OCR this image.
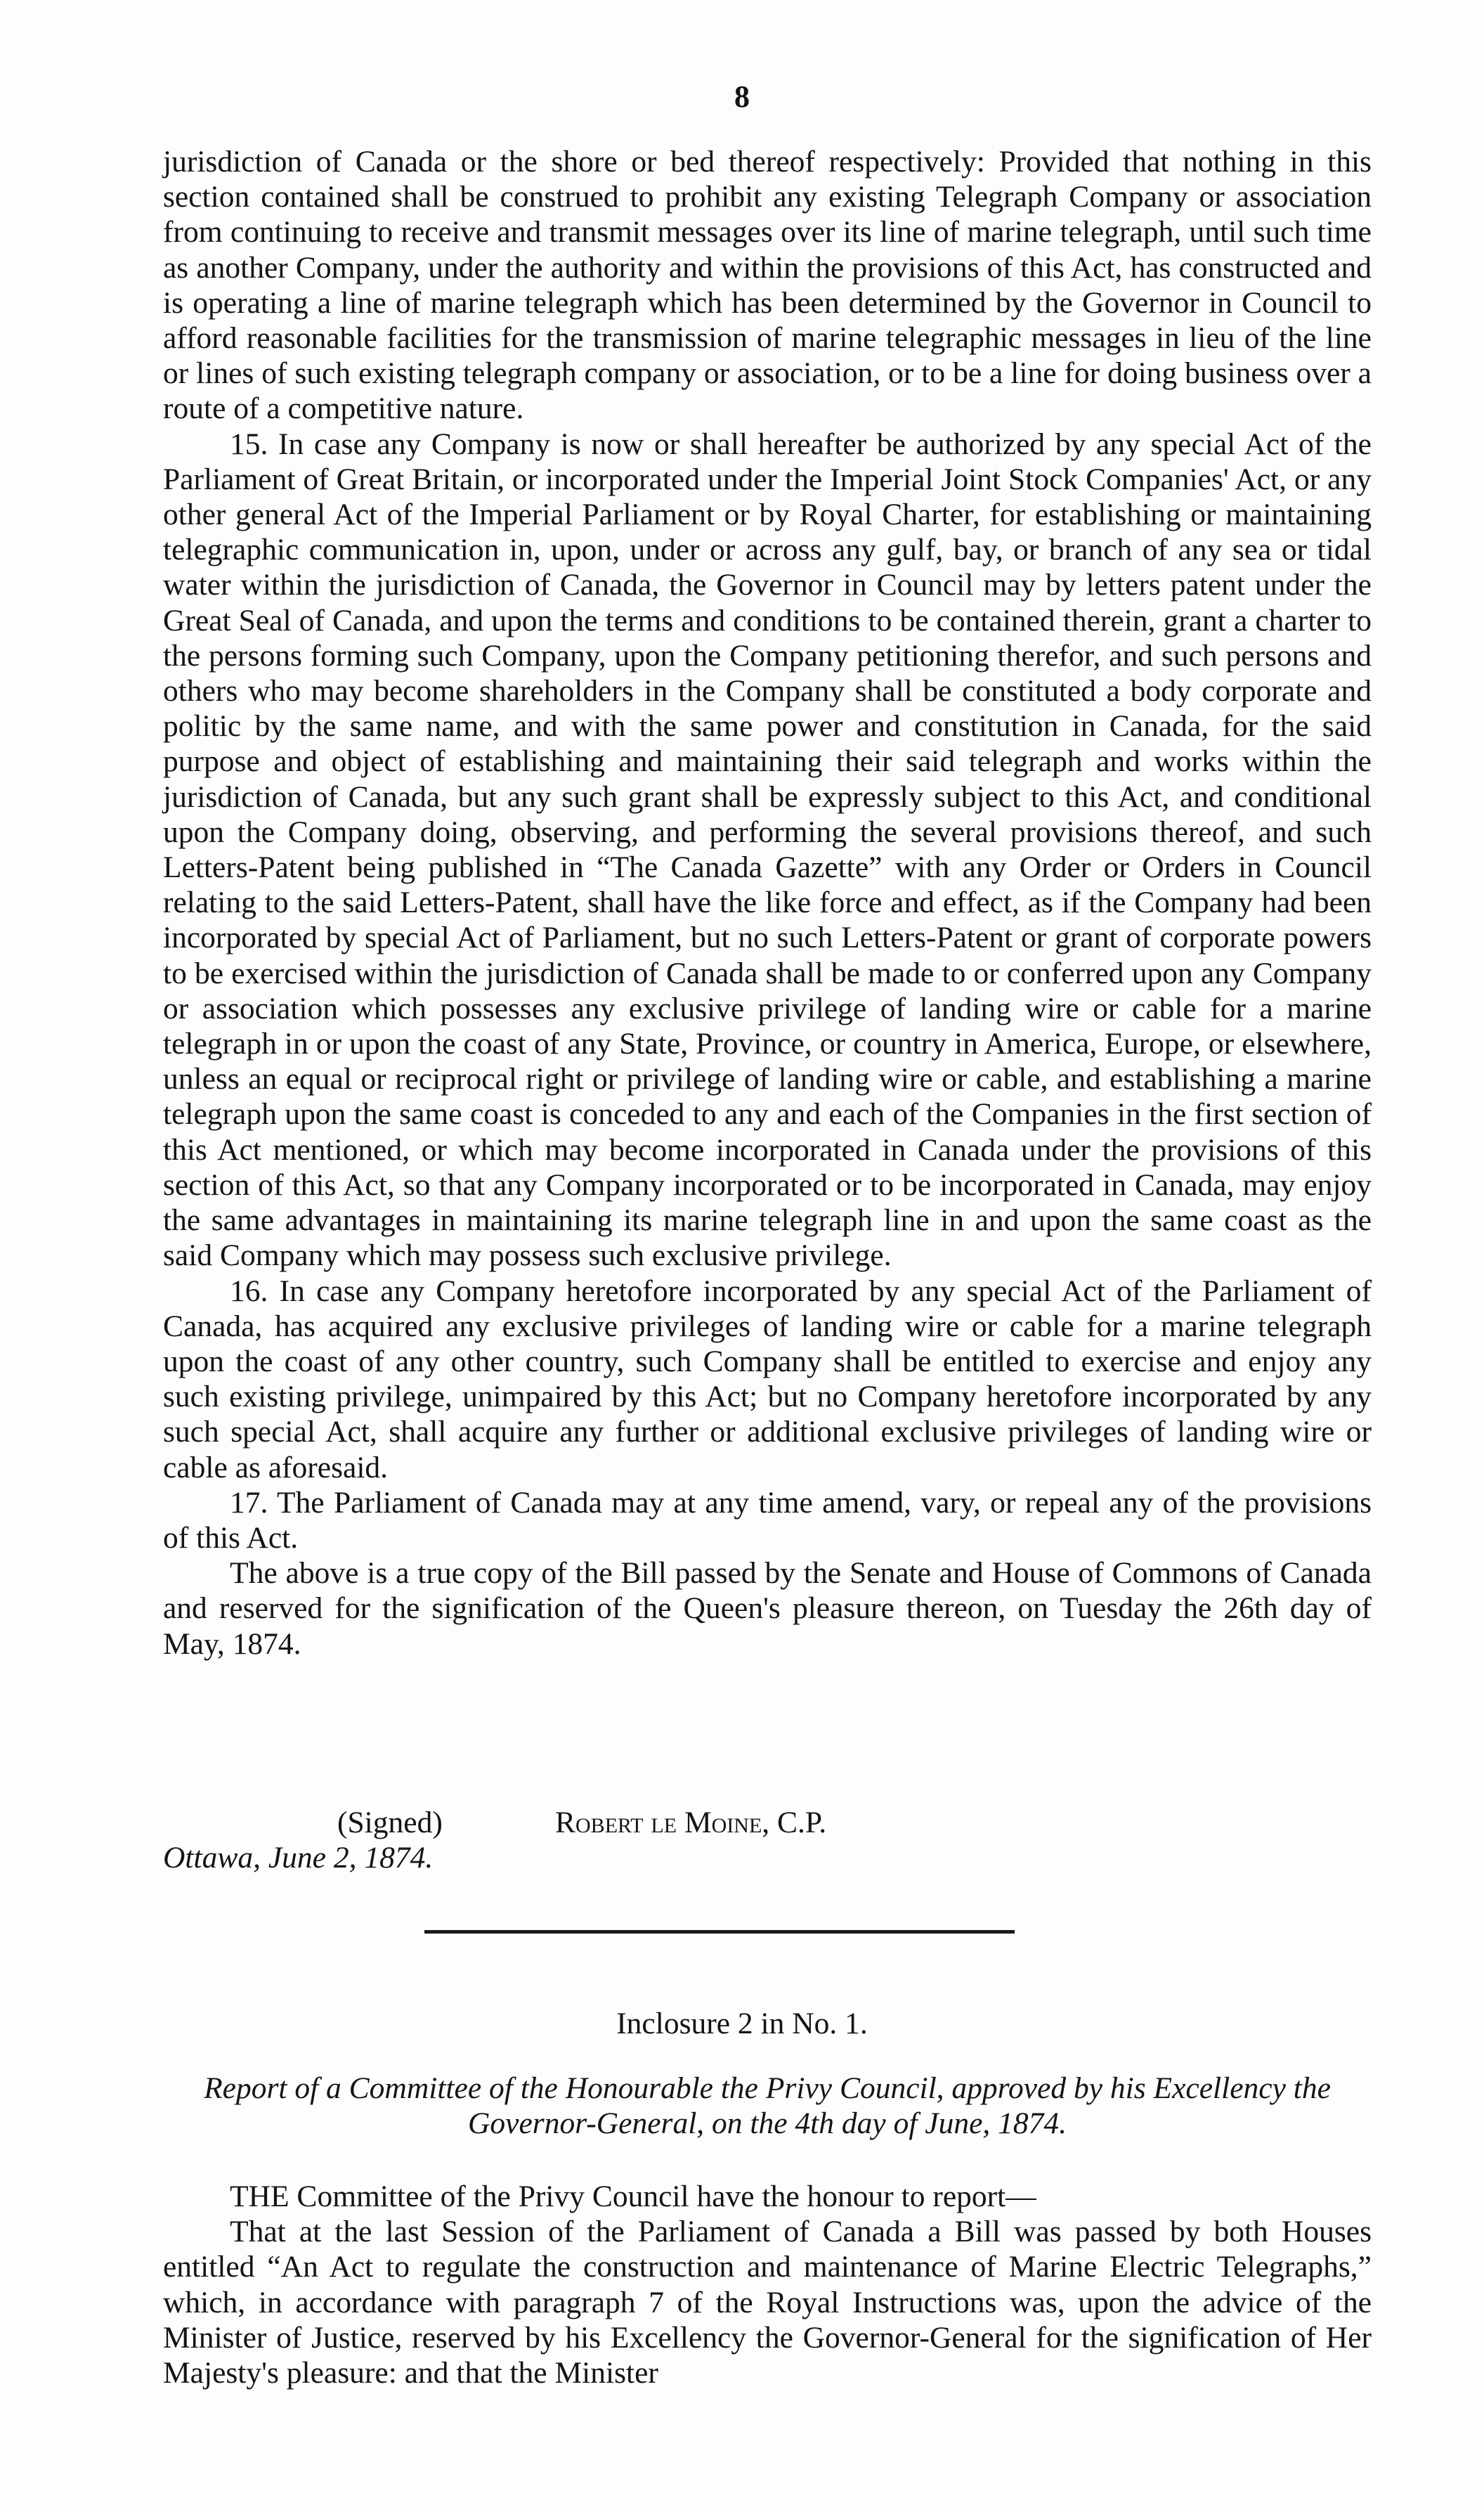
8

jurisdiction of Canada or the shore or bed thereof respectively: Provided that nothing in this section contained shall be construed to prohibit any existing Telegraph Company or association from continuing to receive and transmit messages over its line of marine telegraph, until such time as another Company, under the authority and within the provisions of this Act, has constructed and is operating a line of marine telegraph which has been determined by the Governor in Council to afford reasonable facilities for the transmission of marine telegraphic messages in lieu of the line or lines of such existing telegraph company or association, or to be a line for doing business over a route of a competitive nature.

15. In case any Company is now or shall hereafter be authorized by any special Act of the Parliament of Great Britain, or incorporated under the Imperial Joint Stock Companies' Act, or any other general Act of the Imperial Parliament or by Royal Charter, for establishing or maintaining telegraphic communication in, upon, under or across any gulf, bay, or branch of any sea or tidal water within the jurisdiction of Canada, the Governor in Council may by letters patent under the Great Seal of Canada, and upon the terms and conditions to be contained therein, grant a charter to the persons forming such Company, upon the Company petitioning therefor, and such persons and others who may become shareholders in the Company shall be constituted a body corporate and politic by the same name, and with the same power and constitution in Canada, for the said purpose and object of establishing and maintaining their said telegraph and works within the jurisdiction of Canada, but any such grant shall be expressly subject to this Act, and conditional upon the Company doing, observing, and performing the several provisions thereof, and such Letters-Patent being published in “The Canada Gazette” with any Order or Orders in Council relating to the said Letters-Patent, shall have the like force and effect, as if the Company had been incorporated by special Act of Parliament, but no such Letters-Patent or grant of corporate powers to be exercised within the jurisdiction of Canada shall be made to or conferred upon any Company or association which possesses any exclusive privilege of landing wire or cable for a marine telegraph in or upon the coast of any State, Province, or country in America, Europe, or elsewhere, unless an equal or reciprocal right or privilege of landing wire or cable, and establishing a marine telegraph upon the same coast is conceded to any and each of the Companies in the first section of this Act mentioned, or which may become incorporated in Canada under the provisions of this section of this Act, so that any Company incorporated or to be incorporated in Canada, may enjoy the same advantages in maintaining its marine telegraph line in and upon the same coast as the said Company which may possess such exclusive privilege.

16. In case any Company heretofore incorporated by any special Act of the Parliament of Canada, has acquired any exclusive privileges of landing wire or cable for a marine telegraph upon the coast of any other country, such Company shall be entitled to exercise and enjoy any such existing privilege, unimpaired by this Act; but no Company heretofore incorporated by any such special Act, shall acquire any further or additional exclusive privileges of landing wire or cable as aforesaid.

17. The Parliament of Canada may at any time amend, vary, or repeal any of the provisions of this Act.

The above is a true copy of the Bill passed by the Senate and House of Commons of Canada and reserved for the signification of the Queen's pleasure thereon, on Tuesday the 26th day of May, 1874.

(Signed)	Robert le Moine, C.P.
Ottawa, June 2, 1874.
Inclosure 2 in No. 1.
Report of a Committee of the Honourable the Privy Council, approved by his Excellency the Governor-General, on the 4th day of June, 1874.

THE Committee of the Privy Council have the honour to report—

That at the last Session of the Parliament of Canada a Bill was passed by both Houses entitled “An Act to regulate the construction and maintenance of Marine Electric Telegraphs,” which, in accordance with paragraph 7 of the Royal Instructions was, upon the advice of the Minister of Justice, reserved by his Excellency the Governor-General for the signification of Her Majesty's pleasure: and that the Minister
